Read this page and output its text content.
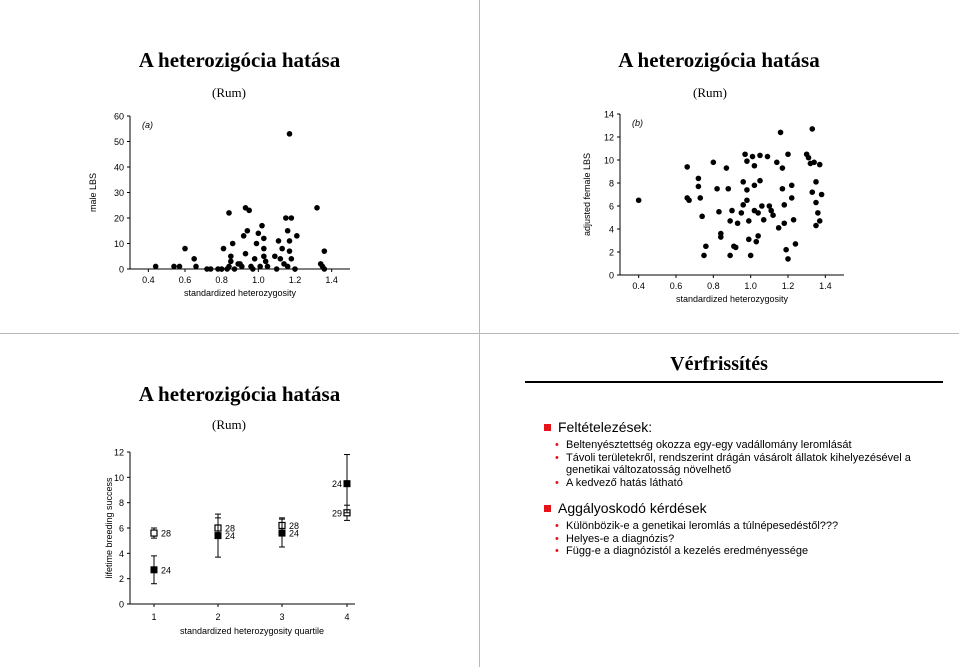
A heterozigócia hatása
(Rum)
0
10
20
30
40
50
60
0.4	0.6	0.8	1.0	1.2	1.4
standardized heterozygosity
male LBS
(a)
A heterozigócia hatása
(Rum)
0
2
4
6
8
10
12
14
0.4	0.6	0.8	1.0	1.2	1.4
standardized heterozygosity
adjusted female LBS
(b)
A heterozigócia hatása
(Rum)
0
2
4
6
8
10
12
1	2	3	4
standardized heterozygosity quartile
lifetime breeding success	28
28	28
29
24
24	24
24
Vérfrissítés
Feltételezések:
• Beltenyésztettség okozza egy-egy vadállomány leromlását
• Távoli területekről, rendszerint drágán vásárolt állatok kihelyezésével a genetikai változatosság növelhető
• A kedvező hatás látható
Aggályoskodó kérdések
• Különbözik-e a genetikai leromlás a túlnépesedéstől???
• Helyes-e a diagnózis?
• Függ-e a diagnózistól a kezelés eredményessége
